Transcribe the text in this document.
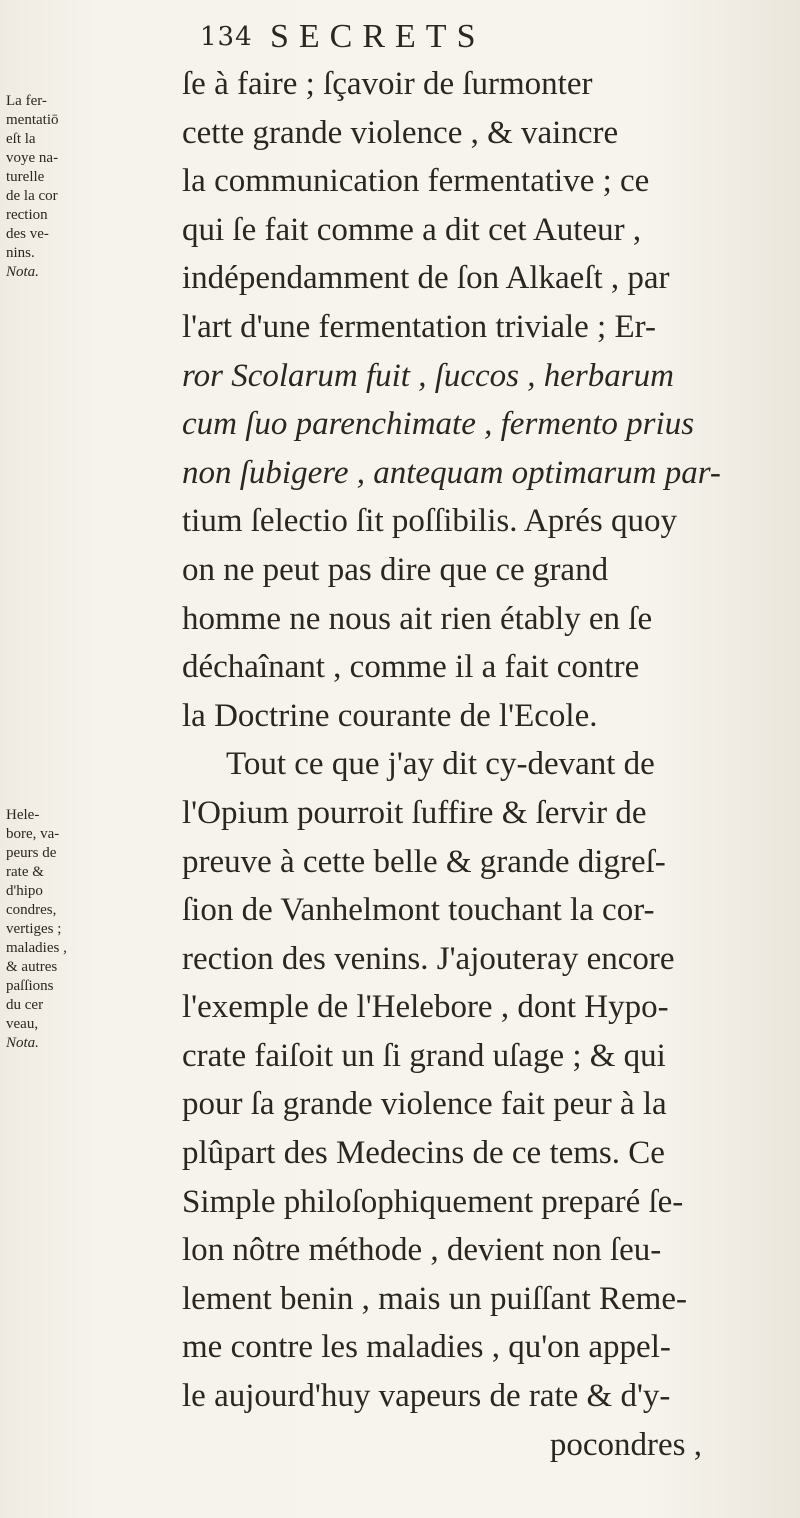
134 SECRETS
La fer-
mentatiō
eſt la
voye na-
turelle
de la cor
rection
des ve-
nins.
Nota.
Hele-
bore, va-
peurs de
rate &
d'hipo
condres,
vertiges ;
maladies ,
& autres
paſſions
du cer
veau,
Nota.
ſe à faire ; ſçavoir de ſurmonter
cette grande violence , & vaincre
la communication fermentative ; ce
qui ſe fait comme a dit cet Auteur ,
indépendamment de ſon Alkaeſt , par
l'art d'une fermentation triviale ; Er-
ror Scolarum fuit , ſuccos , herbarum
cum ſuo parenchimate , fermento prius
non ſubigere , antequam optimarum par-
tium ſelectio ſit poſſibilis. Aprés quoy
on ne peut pas dire que ce grand
homme ne nous ait rien étably en ſe
déchaînant , comme il a fait contre
la Doctrine courante de l'Ecole.
Tout ce que j'ay dit cy-devant de
l'Opium pourroit ſuffire & ſervir de
preuve à cette belle & grande digreſ-
ſion de Vanhelmont touchant la cor-
rection des venins. J'ajouteray encore
l'exemple de l'Helebore , dont Hypo-
crate faiſoit un ſi grand uſage ; & qui
pour ſa grande violence fait peur à la
plûpart des Medecins de ce tems. Ce
Simple philoſophiquement preparé ſe-
lon nôtre méthode , devient non ſeu-
lement benin , mais un puiſſant Reme-
me contre les maladies , qu'on appel-
le aujourd'huy vapeurs de rate & d'y-
pocondres ,
